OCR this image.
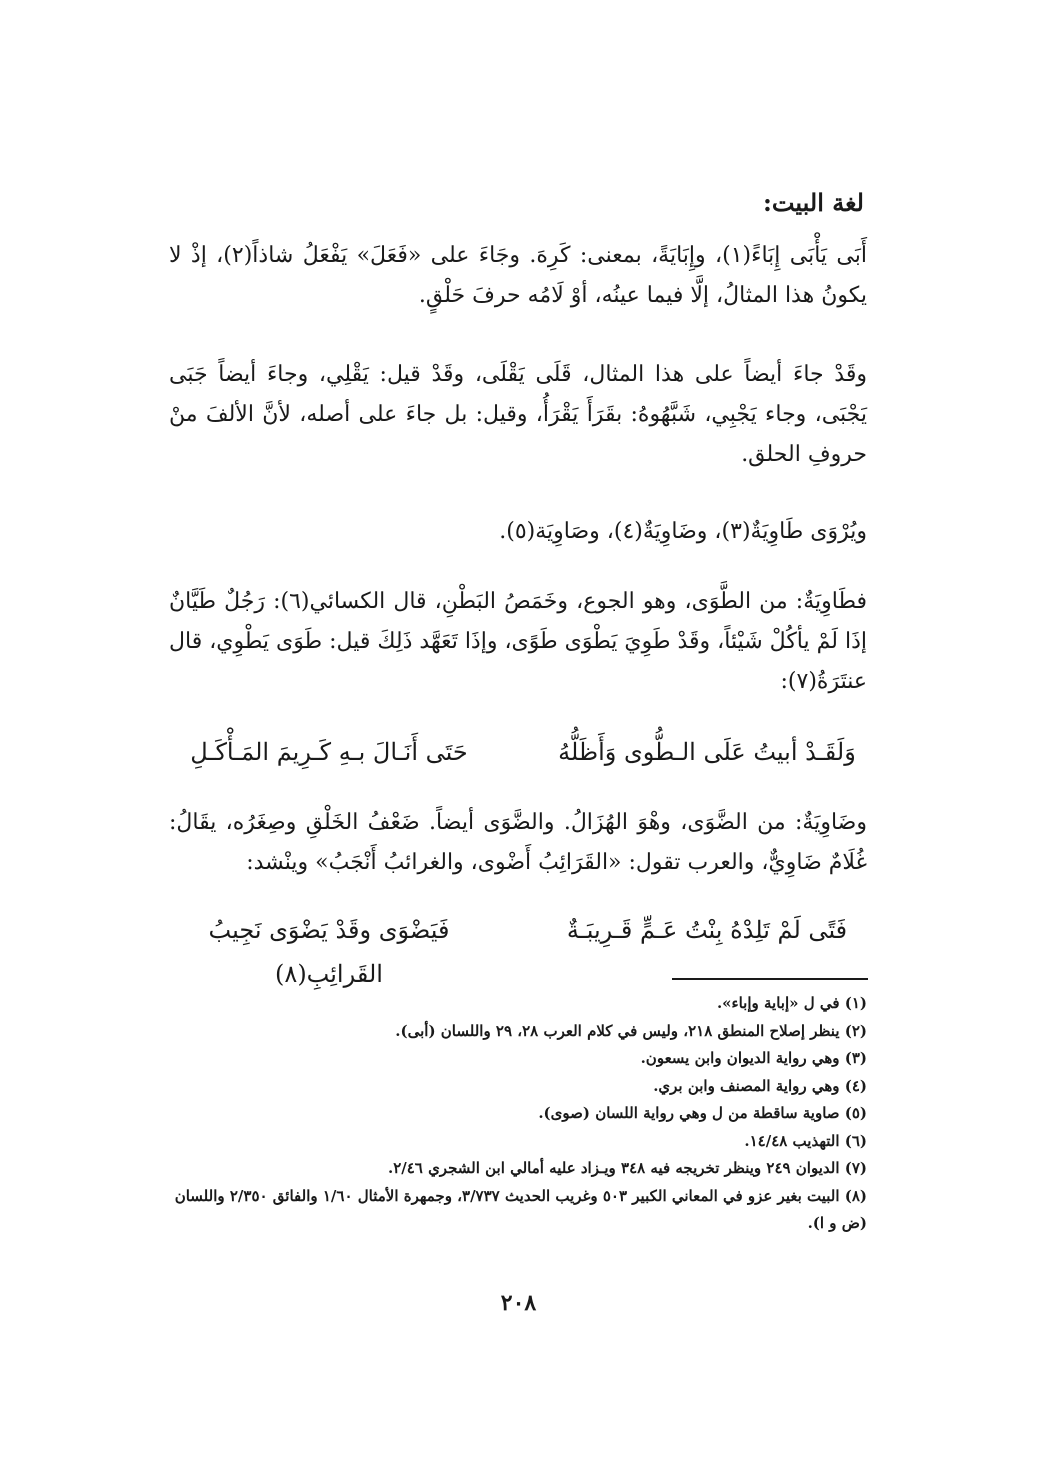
لغة البيت:

أَبَى يَأْبَى إِبَاءً(١)، وإِبَايَةً، بمعنى: كَرِهَ. وجَاءَ على «فَعَلَ» يَفْعَلُ شاذاً(٢)، إذْ لا يكونُ هذا المثالُ، إلَّا فيما عينُه، أوْ لَامُه حرفَ حَلْقٍ.

وقَدْ جاءَ أيضاً على هذا المثال، قَلَى يَقْلَى، وقَدْ قيل: يَقْلِي، وجاءَ أيضاً جَبَى يَجْبَى، وجاء يَجْبِي، شَبَّهُوهُ: بقَرَأَ يَقْرَأُ، وقيل: بل جاءَ على أصله، لأنَّ الألفَ منْ حروفِ الحلق.

ويُرْوَى طَاوِيَةٌ(٣)، وضَاوِيَةٌ(٤)، وصَاوِيَة(٥).

فطَاوِيَةٌ: من الطَّوَى، وهو الجوع، وخَمَصُ البَطْنِ، قال الكسائي(٦): رَجُلٌ طَيَّانٌ إذَا لَمْ يأكُلْ شَيْئاً، وقَدْ طَوِيَ يَطْوَى طَوًى، وإذَا تَعَهَّد ذَلِكَ قيل: طَوَى يَطْوِي، قال عنتَرَةُ(٧):

وَلَقَـدْ أبيتُ عَلَى الـطُّوى وَأَظَلُّهُ
حَتَى أَنَـالَ بـهِ كَـرِيمَ المَـأْكَـلِ

وضَاوِيَةٌ: من الضَّوَى، وهْوَ الهُزَالُ. والضَّوَى أيضاً. ضَعْفُ الخَلْقِ وصِغَرُه، يقَالُ: غُلَامٌ ضَاوِيٌّ، والعرب تقول: «القَرَائِبُ أَضْوى، والغرائبُ أَنْجَبُ» وينْشد:

فَتًى لَمْ تَلِدْهُ بِنْتُ عَـمٍّ قَـرِيبَـةٌ
فَيَضْوَى وقَدْ يَضْوَى نَجِيبُ القَرائِبِ(٨)
(١) في ل «إباية وإباء».
(٢) ينظر إصلاح المنطق ٢١٨، وليس في كلام العرب ٢٨، ٢٩ واللسان (أبى).
(٣) وهي رواية الديوان وابن يسعون.
(٤) وهي رواية المصنف وابن بري.
(٥) صاوية ساقطة من ل وهي رواية اللسان (صوى).
(٦) التهذيب ١٤/٤٨.
(٧) الديوان ٢٤٩ وينظر تخريجه فيه ٣٤٨ ويـزاد عليه أمالي ابن الشجري ٢/٤٦.
(٨) البيت بغير عزو في المعاني الكبير ٥٠٣ وغريب الحديث ٣/٧٣٧، وجمهرة الأمثال ١/٦٠ والفائق ٢/٣٥٠ واللسان (ض و ا).
٢٠٨
